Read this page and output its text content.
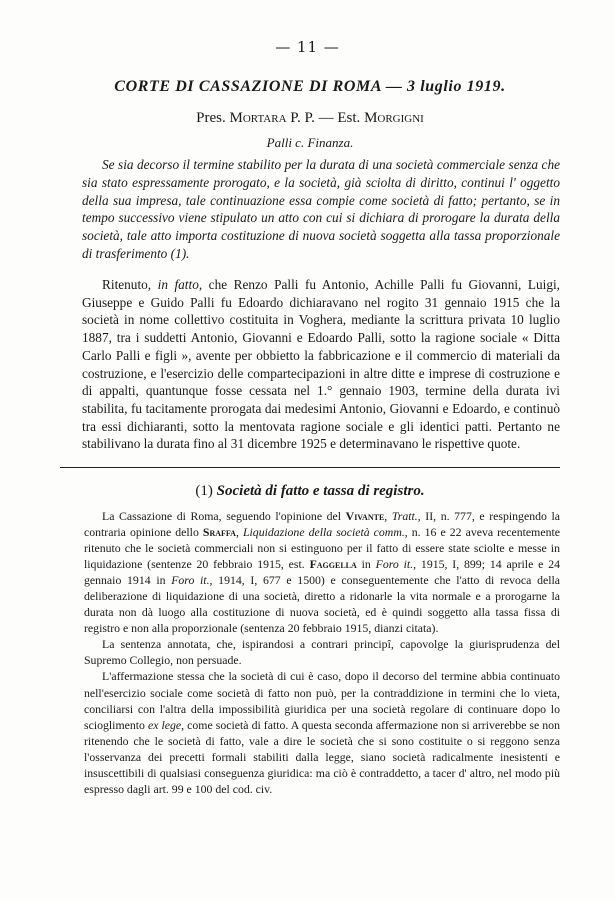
— 11 —
CORTE DI CASSAZIONE DI ROMA — 3 luglio 1919.
Pres. Mortara P. P. — Est. Morgigni
Palli c. Finanza.
Se sia decorso il termine stabilito per la durata di una società commerciale senza che sia stato espressamente prorogato, e la società, già sciolta di diritto, continui l' oggetto della sua impresa, tale continuazione essa compie come società di fatto; pertanto, se in tempo successivo viene stipulato un atto con cui si dichiara di prorogare la durata della società, tale atto importa costituzione di nuova società soggetta alla tassa proporzionale di trasferimento (1).
Ritenuto, in fatto, che Renzo Palli fu Antonio, Achille Palli fu Giovanni, Luigi, Giuseppe e Guido Palli fu Edoardo dichiaravano nel rogito 31 gennaio 1915 che la società in nome collettivo costituita in Voghera, mediante la scrittura privata 10 luglio 1887, tra i suddetti Antonio, Giovanni e Edoardo Palli, sotto la ragione sociale « Ditta Carlo Palli e figli », avente per obbietto la fabbricazione e il commercio di materiali da costruzione, e l'esercizio delle compartecipazioni in altre ditte e imprese di costruzione e di appalti, quantunque fosse cessata nel 1.° gennaio 1903, termine della durata ivi stabilita, fu tacitamente prorogata dai medesimi Antonio, Giovanni e Edoardo, e continuò tra essi dichiaranti, sotto la mentovata ragione sociale e gli identici patti. Pertanto ne stabilivano la durata fino al 31 dicembre 1925 e determinavano le rispettive quote.
(1) Società di fatto e tassa di registro.

La Cassazione di Roma, seguendo l'opinione del Vivante, Tratt., II, n. 777, e respingendo la contraria opinione dello Sraffa, Liquidazione della società comm., n. 16 e 22 aveva recentemente ritenuto che le società commerciali non si estinguono per il fatto di essere state sciolte e messe in liquidazione (sentenze 20 febbraio 1915, est. Faggella in Foro it., 1915, I, 899; 14 aprile e 24 gennaio 1914 in Foro it., 1914, I, 677 e 1500) e conseguentemente che l'atto di revoca della deliberazione di liquidazione di una società, diretto a ridonarle la vita normale e a prorogarne la durata non dà luogo alla costituzione di nuova società, ed è quindi soggetto alla tassa fissa di registro e non alla proporzionale (sentenza 20 febbraio 1915, dianzi citata).

La sentenza annotata, che, ispirandosi a contrari principî, capovolge la giurisprudenza del Supremo Collegio, non persuade.

L'affermazione stessa che la società di cui è caso, dopo il decorso del termine abbia continuato nell'esercizio sociale come società di fatto non può, per la contraddizione in termini che lo vieta, conciliarsi con l'altra della impossibilità giuridica per una società regolare di continuare dopo lo scioglimento ex lege, come società di fatto. A questa seconda affermazione non si arriverebbe se non ritenendo che le società di fatto, vale a dire le società che si sono costituite o si reggono senza l'osservanza dei precetti formali stabiliti dalla legge, siano società radicalmente inesistenti e insuscettibili di qualsiasi conseguenza giuridica: ma ciò è contraddetto, a tacer d' altro, nel modo più espresso dagli art. 99 e 100 del cod. civ.
